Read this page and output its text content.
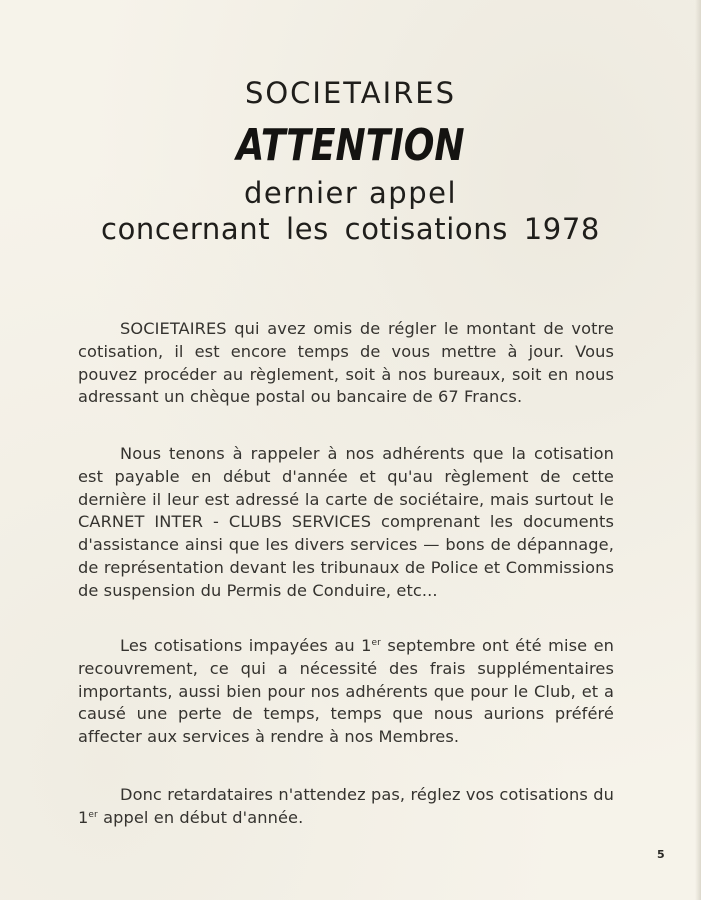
SOCIETAIRES
ATTENTION
dernier appel
concernant les cotisations 1978

SOCIETAIRES qui avez omis de régler le montant de votre cotisation, il est encore temps de vous mettre à jour. Vous pouvez procéder au règlement, soit à nos bureaux, soit en nous adressant un chèque postal ou bancaire de 67 Francs.

Nous tenons à rappeler à nos adhérents que la cotisation est payable en début d'année et qu'au règlement de cette dernière il leur est adressé la carte de sociétaire, mais surtout le CARNET INTER - CLUBS SERVICES comprenant les documents d'assistance ainsi que les divers services — bons de dépannage, de représentation devant les tribunaux de Police et Commissions de suspension du Permis de Conduire, etc...

Les cotisations impayées au 1er septembre ont été mise en recouvrement, ce qui a nécessité des frais supplémentaires importants, aussi bien pour nos adhérents que pour le Club, et a causé une perte de temps, temps que nous aurions préféré affecter aux services à rendre à nos Membres.

Donc retardataires n'attendez pas, réglez vos cotisations du 1er appel en début d'année.

5
